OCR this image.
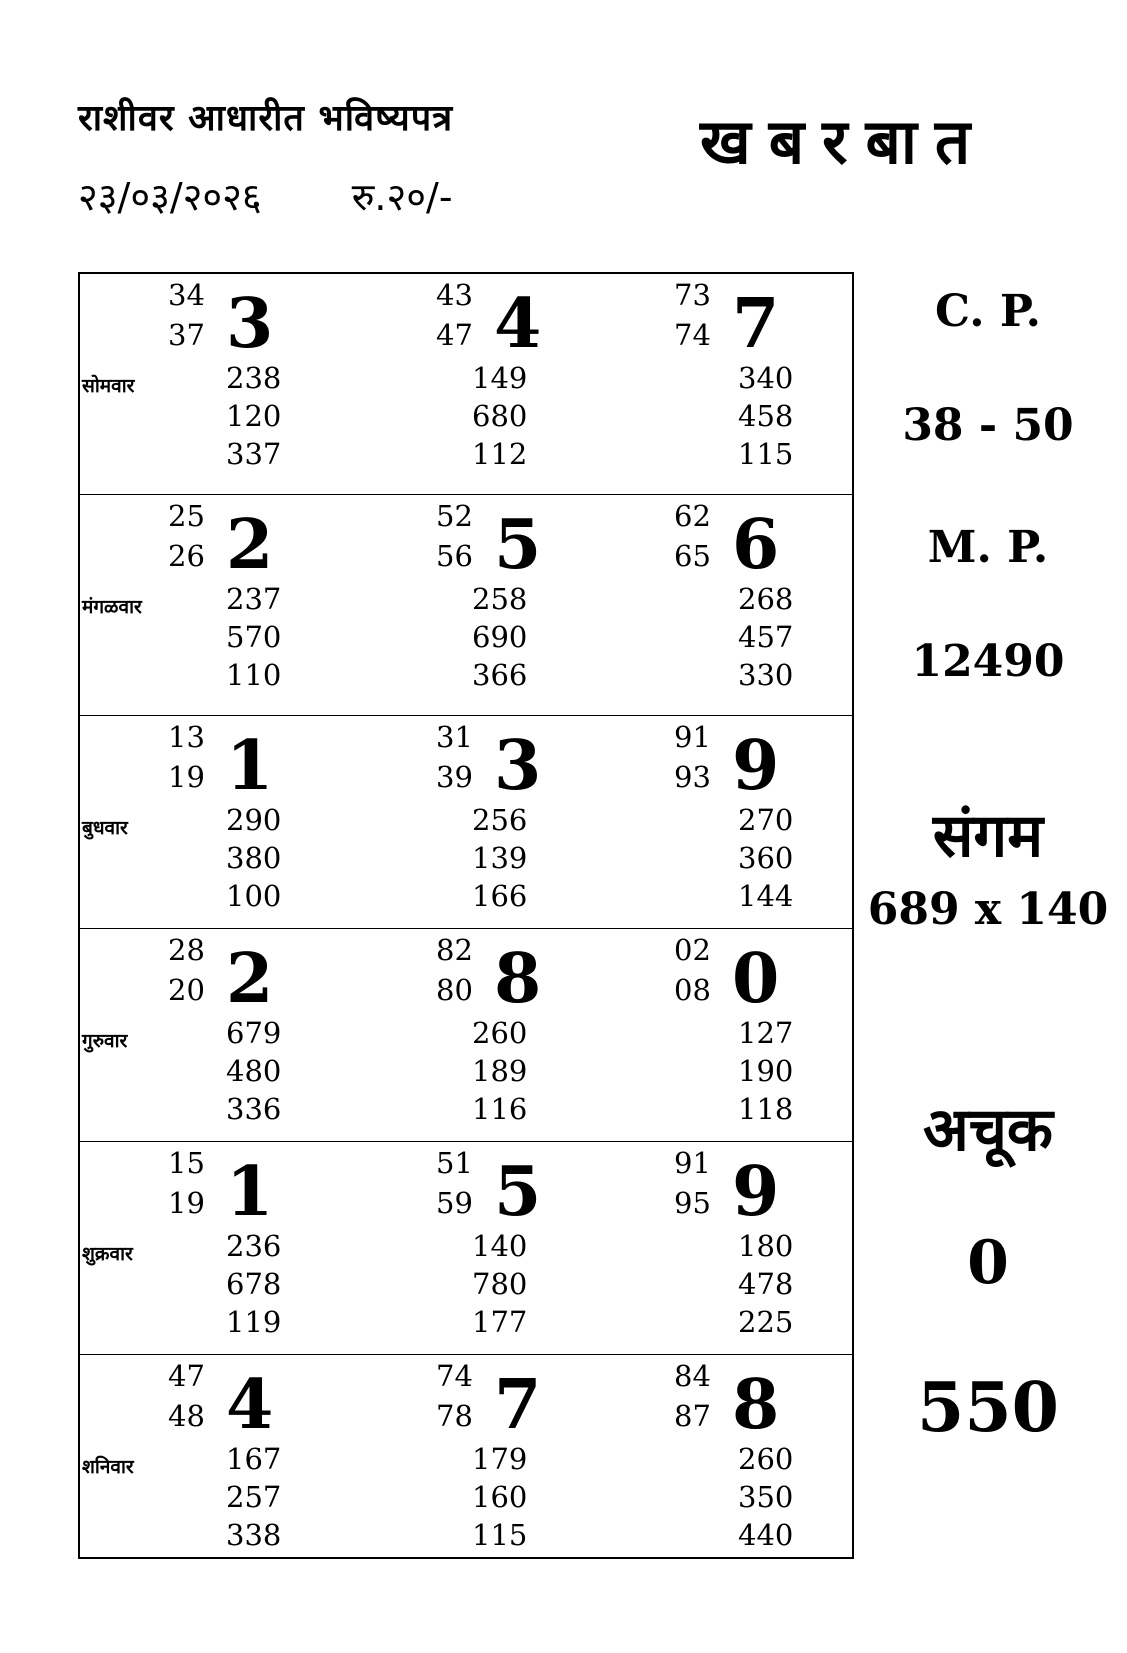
राशीवर आधारीत भविष्यपत्र
२३/०३/२०२६ रु.२०/-
खबरबात
सोमवार
34
37 3
238
120
337
43
47 4
149
680
112
73
74 7
340
458
115
मंगळवार
25
26 2
237
570
110
52
56 5
258
690
366
62
65 6
268
457
330
बुधवार
13
19 1
290
380
100
31
39 3
256
139
166
91
93 9
270
360
144
गुरुवार
28
20 2
679
480
336
82
80 8
260
189
116
02
08 0
127
190
118
शुक्रवार
15
19 1
236
678
119
51
59 5
140
780
177
91
95 9
180
478
225
शनिवार
47
48 4
167
257
338
74
78 7
179
160
115
84
87 8
260
350
440
C. P.
38 - 50
M. P.
12490
संगम
689 x 140
अचूक
0
550
